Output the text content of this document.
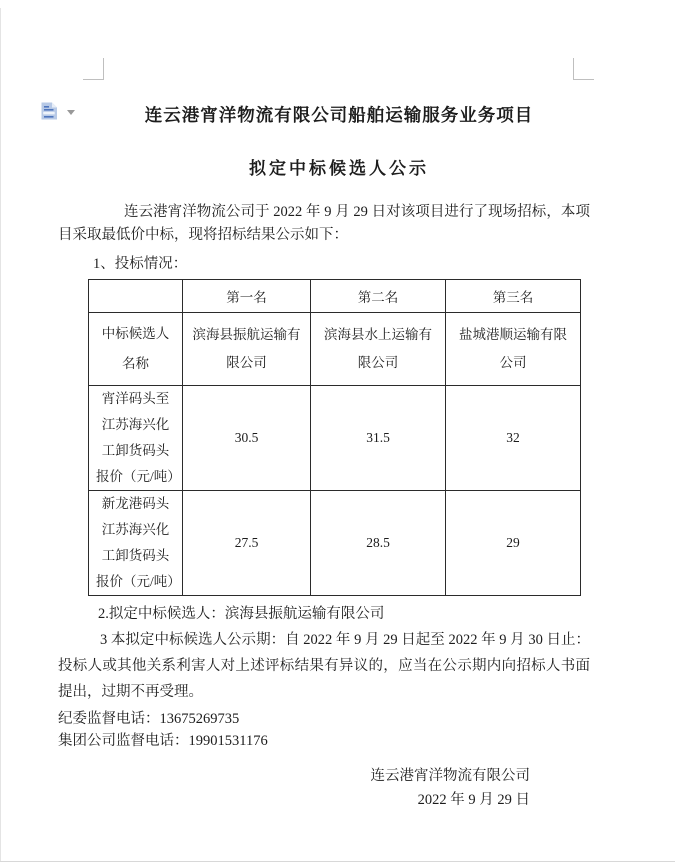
连云港宵洋物流有限公司船舶运输服务业务项目
拟定中标候选人公示

连云港宵洋物流公司于 2022 年 9 月 29 日对该项目进行了现场招标，本项目采取最低价中标，现将招标结果公示如下：

1、投标情况：

	第一名	第二名	第三名
中标候选人名称	滨海县振航运输有限公司	滨海县水上运输有限公司	盐城港顺运输有限公司
宵洋码头至江苏海兴化工卸货码头报价（元/吨）	30.5	31.5	32
新龙港码头江苏海兴化工卸货码头报价（元/吨）	27.5	28.5	29

2.拟定中标候选人：滨海县振航运输有限公司

3 本拟定中标候选人公示期：自 2022 年 9 月 29 日起至 2022 年 9 月 30 日止：投标人或其他关系利害人对上述评标结果有异议的，应当在公示期内向招标人书面提出，过期不再受理。

纪委监督电话：13675269735

集团公司监督电话：19901531176

连云港宵洋物流有限公司

2022 年 9 月 29 日
